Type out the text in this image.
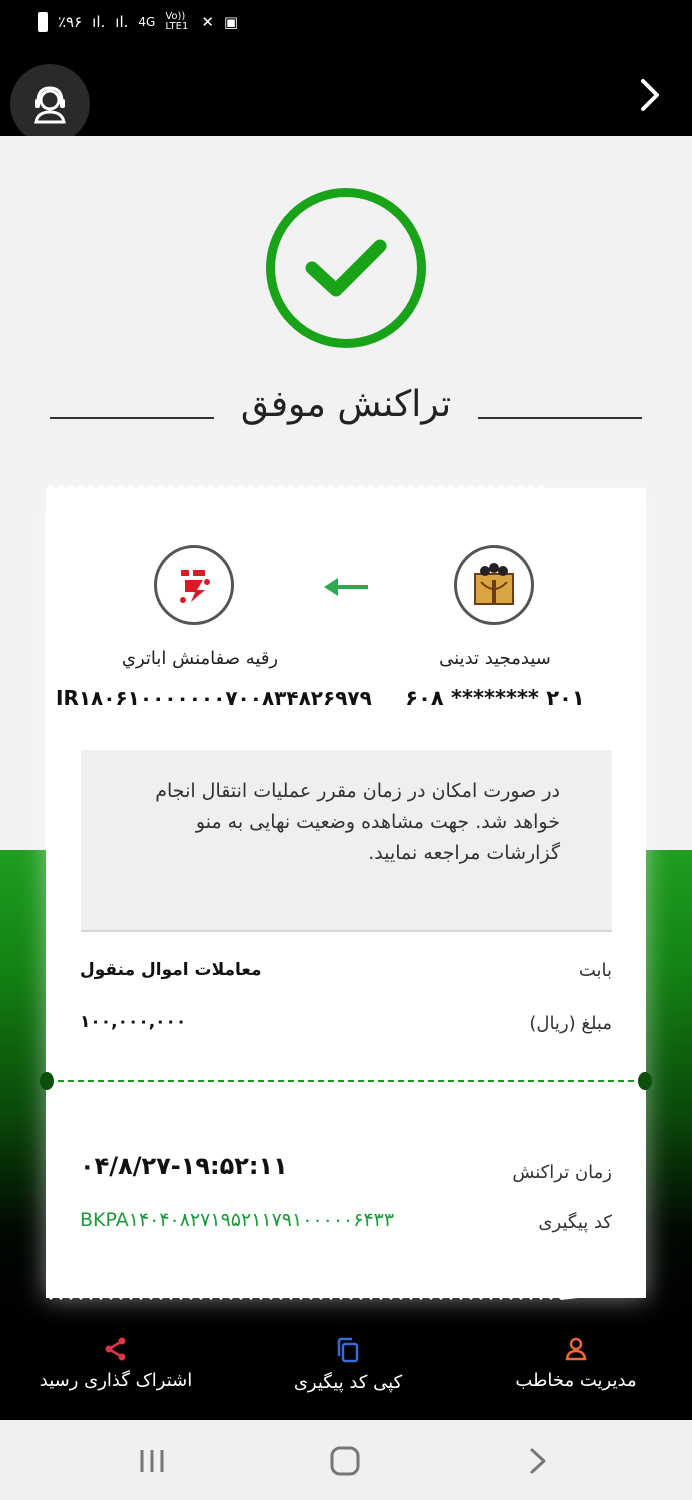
٪۹۶ ıl. ıl. 4G Vo)) LTE1 ✕ ▣	۱۹:۵۲
تراکنش موفق
سیدمجید تدینی
۶۰۸ ******** ۲۰۱
رقیه صفامنش اباتري
IR۱۸۰۶۱۰۰۰۰۰۰۰۷۰۰۸۳۴۸۲۶۹۷۹
در صورت امکان در زمان مقرر عملیات انتقال انجام خواهد شد. جهت مشاهده وضعیت نهایی به منو گزارشات مراجعه نمایید.
بابت
معاملات اموال منقول
مبلغ (ریال)
۱۰۰,۰۰۰,۰۰۰
زمان تراکنش
۰۴/۸/۲۷-۱۹:۵۲:۱۱
کد پیگیری
BKPA۱۴۰۴۰۸۲۷۱۹۵۲۱۱۷۹۱۰۰۰۰۰۶۴۳۳
اشتراک گذاری رسید	کپی کد پیگیری	مدیریت مخاطب
